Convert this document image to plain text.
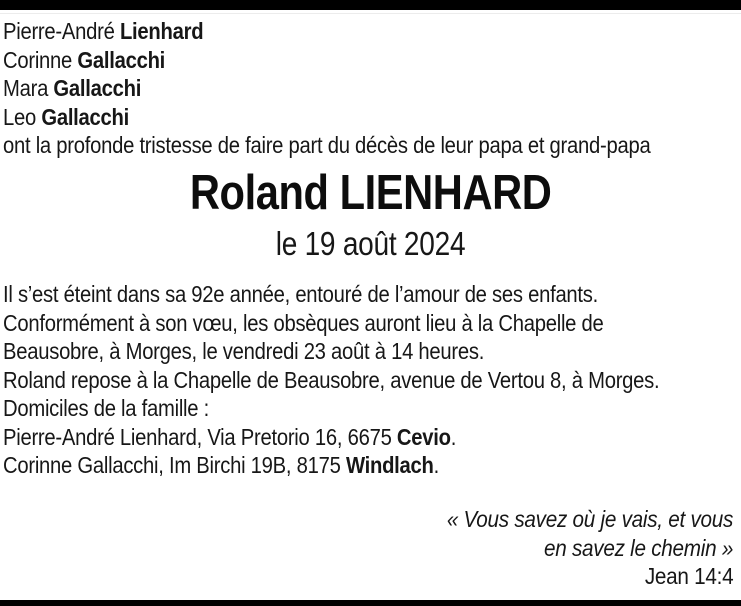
Pierre-André Lienhard
Corinne Gallacchi
Mara Gallacchi
Leo Gallacchi
ont la profonde tristesse de faire part du décès de leur papa et grand-papa
Roland LIENHARD
le 19 août 2024
Il s’est éteint dans sa 92e année, entouré de l’amour de ses enfants.
Conformément à son vœu, les obsèques auront lieu à la Chapelle de
Beausobre, à Morges, le vendredi 23 août à 14 heures.
Roland repose à la Chapelle de Beausobre, avenue de Vertou 8, à Morges.
Domiciles de la famille :
Pierre-André Lienhard, Via Pretorio 16, 6675 Cevio.
Corinne Gallacchi, Im Birchi 19B, 8175 Windlach.
« Vous savez où je vais, et vous
en savez le chemin »
Jean 14:4
